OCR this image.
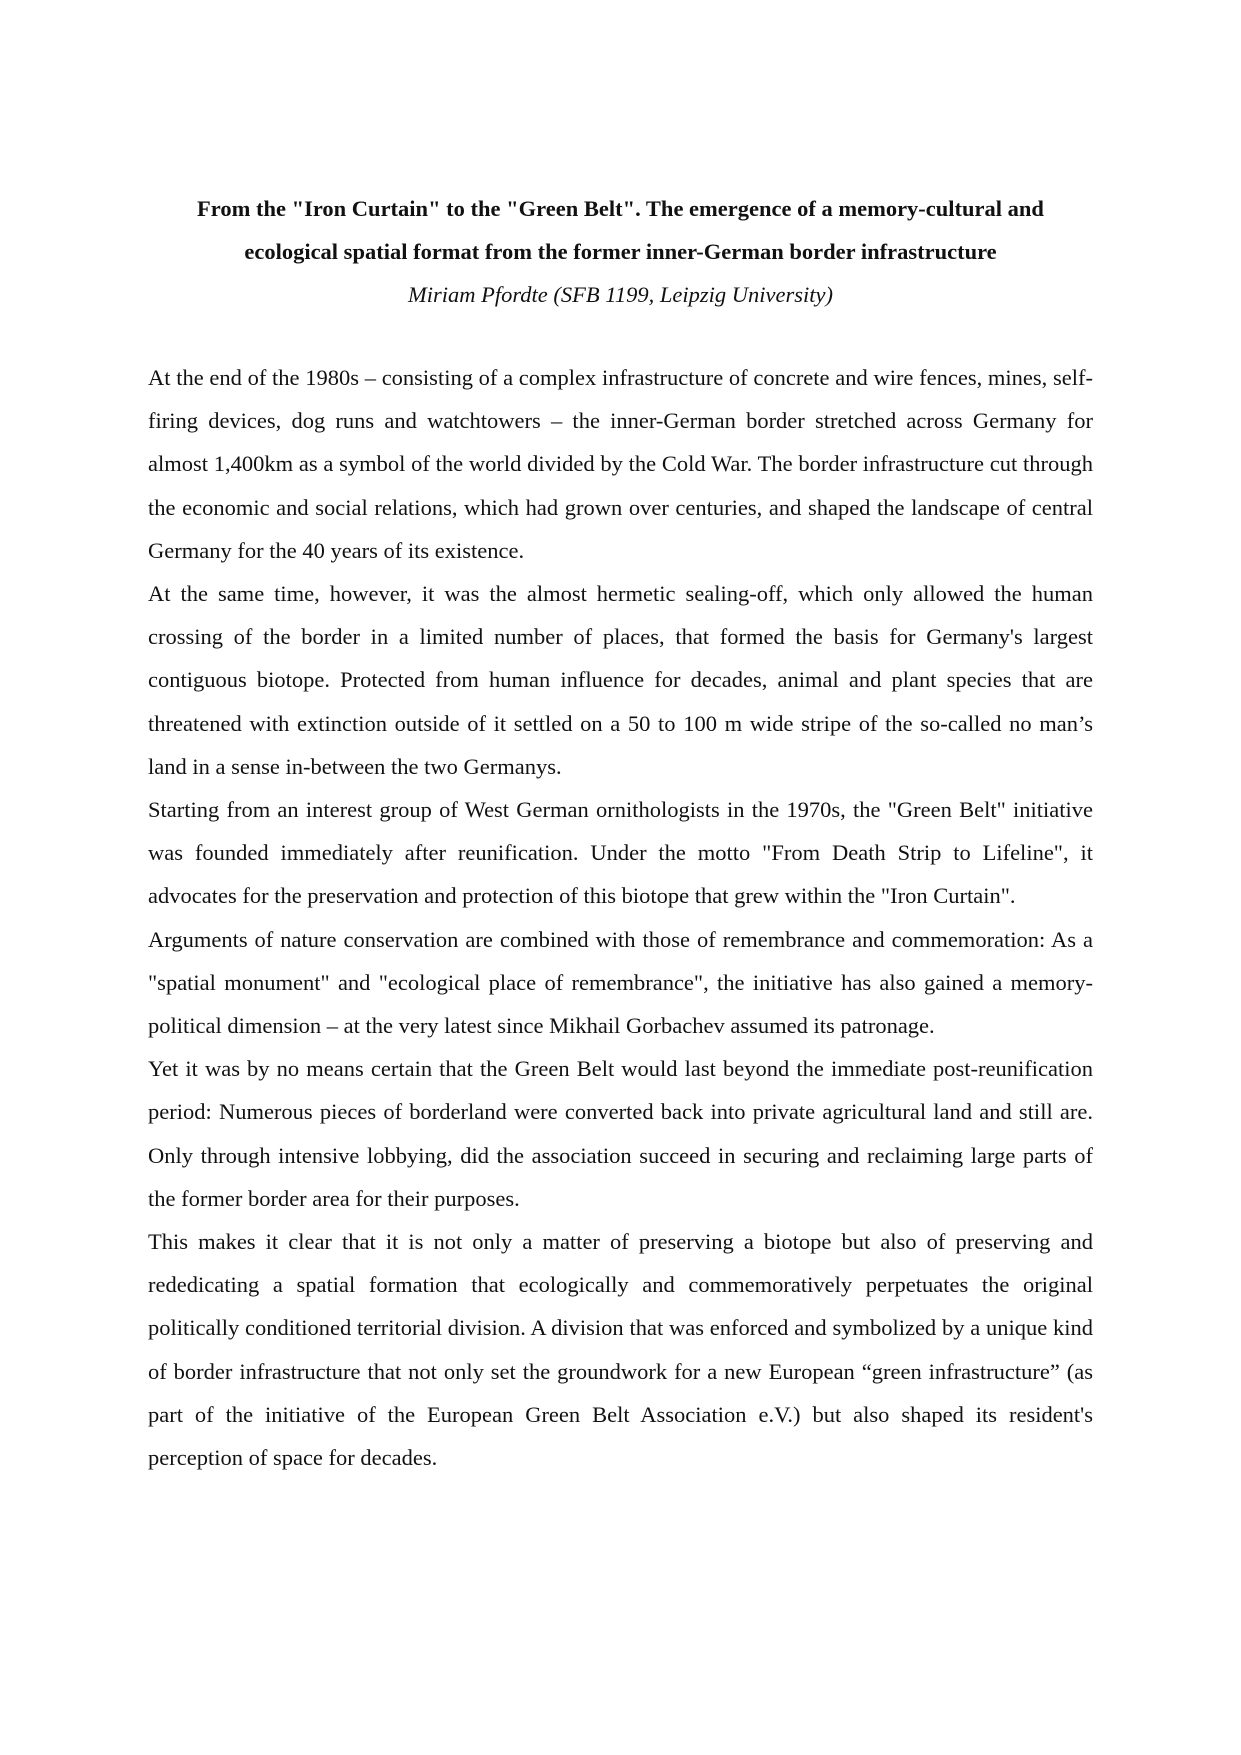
From the "Iron Curtain" to the "Green Belt". The emergence of a memory-cultural and
ecological spatial format from the former inner-German border infrastructure

Miriam Pfordte (SFB 1199, Leipzig University)

At the end of the 1980s – consisting of a complex infrastructure of concrete and wire fences, mines, self-firing devices, dog runs and watchtowers – the inner-German border stretched across Germany for almost 1,400km as a symbol of the world divided by the Cold War. The border infrastructure cut through the economic and social relations, which had grown over centuries, and shaped the landscape of central Germany for the 40 years of its existence.

At the same time, however, it was the almost hermetic sealing-off, which only allowed the human crossing of the border in a limited number of places, that formed the basis for Germany's largest contiguous biotope. Protected from human influence for decades, animal and plant species that are threatened with extinction outside of it settled on a 50 to 100 m wide stripe of the so-called no man’s land in a sense in-between the two Germanys.

Starting from an interest group of West German ornithologists in the 1970s, the "Green Belt" initiative was founded immediately after reunification. Under the motto "From Death Strip to Lifeline", it advocates for the preservation and protection of this biotope that grew within the "Iron Curtain".

Arguments of nature conservation are combined with those of remembrance and commemoration: As a "spatial monument" and "ecological place of remembrance", the initiative has also gained a memory-political dimension – at the very latest since Mikhail Gorbachev assumed its patronage.

Yet it was by no means certain that the Green Belt would last beyond the immediate post-reunification period: Numerous pieces of borderland were converted back into private agricultural land and still are. Only through intensive lobbying, did the association succeed in securing and reclaiming large parts of the former border area for their purposes.

This makes it clear that it is not only a matter of preserving a biotope but also of preserving and rededicating a spatial formation that ecologically and commemoratively perpetuates the original politically conditioned territorial division. A division that was enforced and symbolized by a unique kind of border infrastructure that not only set the groundwork for a new European “green infrastructure” (as part of the initiative of the European Green Belt Association e.V.) but also shaped its resident's perception of space for decades.
